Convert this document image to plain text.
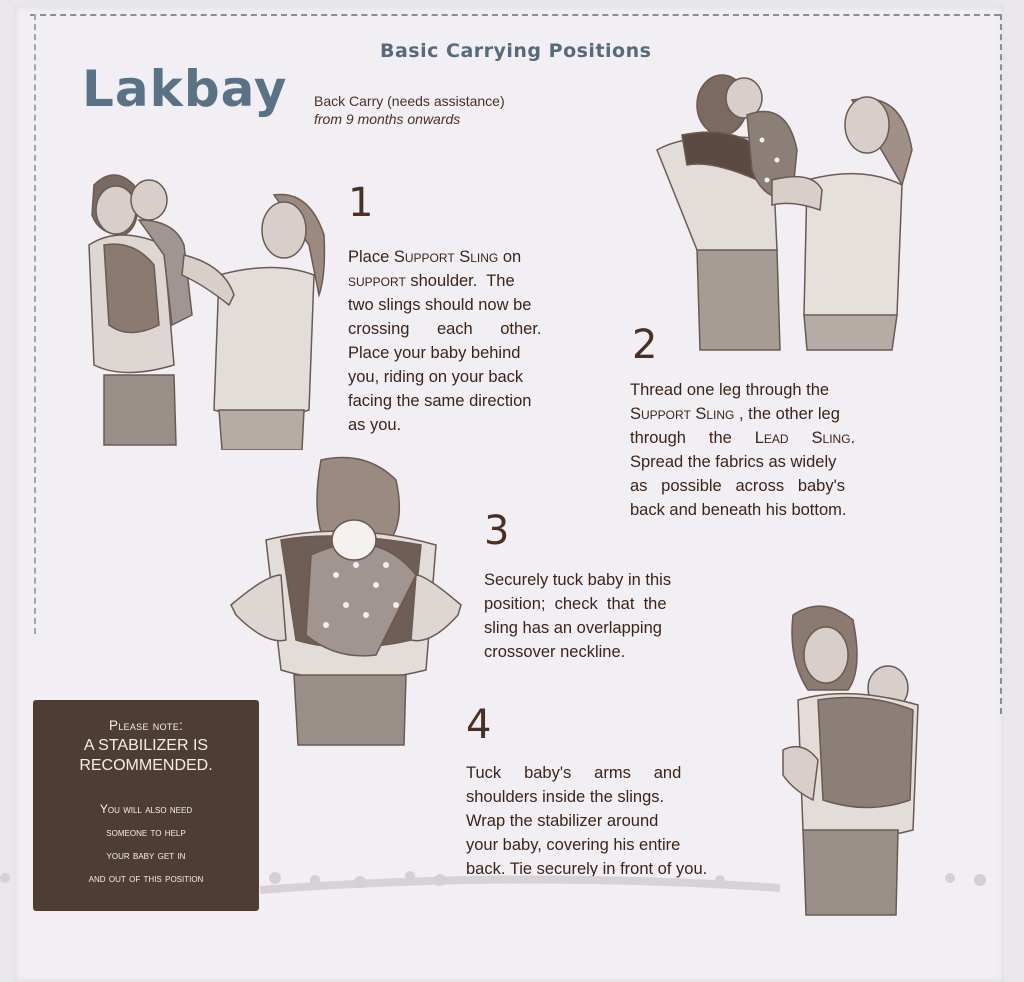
Basic Carrying Positions
Lakbay Back Carry (needs assistance)
from 9 months onwards
1
Place Support Sling on
support shoulder.  The
two slings should now be
crossing      each      other.
Place your baby behind
you, riding on your back
facing the same direction
as you.
2
Thread one leg through the
Support Sling , the other leg
through     the     Lead Sling.
Spread the fabrics as widely
as   possible   across   baby's
back and beneath his bottom.
3
Securely tuck baby in this
position;  check  that  the
sling has an overlapping
crossover neckline.
4
Tuck     baby's     arms     and
shoulders inside the slings.
Wrap the stabilizer around
your baby, covering his entire
back. Tie securely in front of you.
Please note:
A STABILIZER IS
RECOMMENDED.
You will also need
someone to help
your baby get in
and out of this position
